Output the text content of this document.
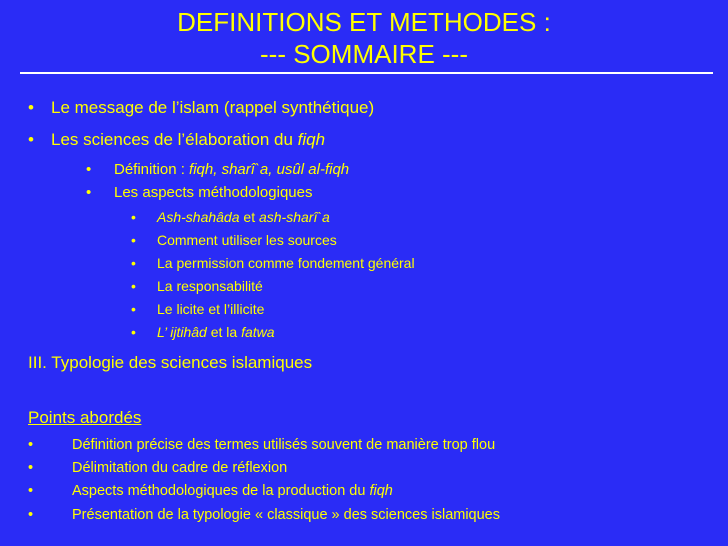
DEFINITIONS ET METHODES :
--- SOMMAIRE ---
• Le message de l’islam (rappel synthétique)
• Les sciences de l’élaboration du fiqh
• Définition : fiqh, sharî`a, usûl al-fiqh
• Les aspects méthodologiques
• Ash-shahâda et ash-sharî`a
• Comment utiliser les sources
• La permission comme fondement général
• La responsabilité
• Le licite et l’illicite
• L’ ijtihâd et la fatwa
III. Typologie des sciences islamiques
Points abordés
•	Définition précise des termes utilisés souvent de manière trop flou
•	Délimitation du cadre de réflexion
•	Aspects méthodologiques de la production du fiqh
•	Présentation de la typologie « classique » des sciences islamiques
